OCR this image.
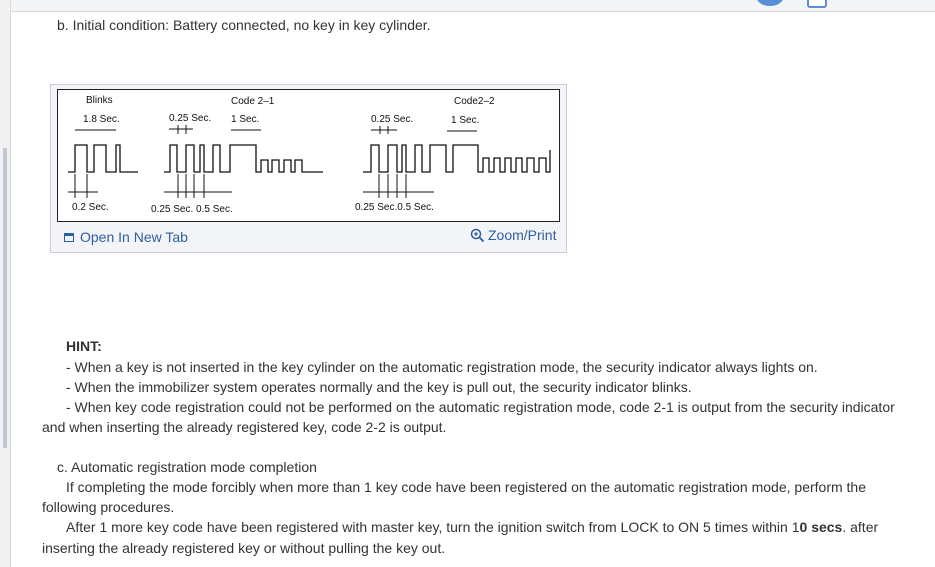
b. Initial condition: Battery connected, no key in key cylinder.
Blinks	Code 2–1	Code2–2
1.8 Sec.	0.25 Sec. 1 Sec.	0.25 Sec.	1 Sec.
0.2 Sec.	0.25 Sec. 0.5 Sec.	0.25 Sec.0.5 Sec.
Open In New Tab	Zoom/Print
HINT:
- When a key is not inserted in the key cylinder on the automatic registration mode, the security indicator always lights on.
- When the immobilizer system operates normally and the key is pull out, the security indicator blinks.
- When key code registration could not be performed on the automatic registration mode, code 2-1 is output from the security indicator
and when inserting the already registered key, code 2-2 is output.
c. Automatic registration mode completion
If completing the mode forcibly when more than 1 key code have been registered on the automatic registration mode, perform the
following procedures.
After 1 more key code have been registered with master key, turn the ignition switch from LOCK to ON 5 times within 10 secs. after
inserting the already registered key or without pulling the key out.
